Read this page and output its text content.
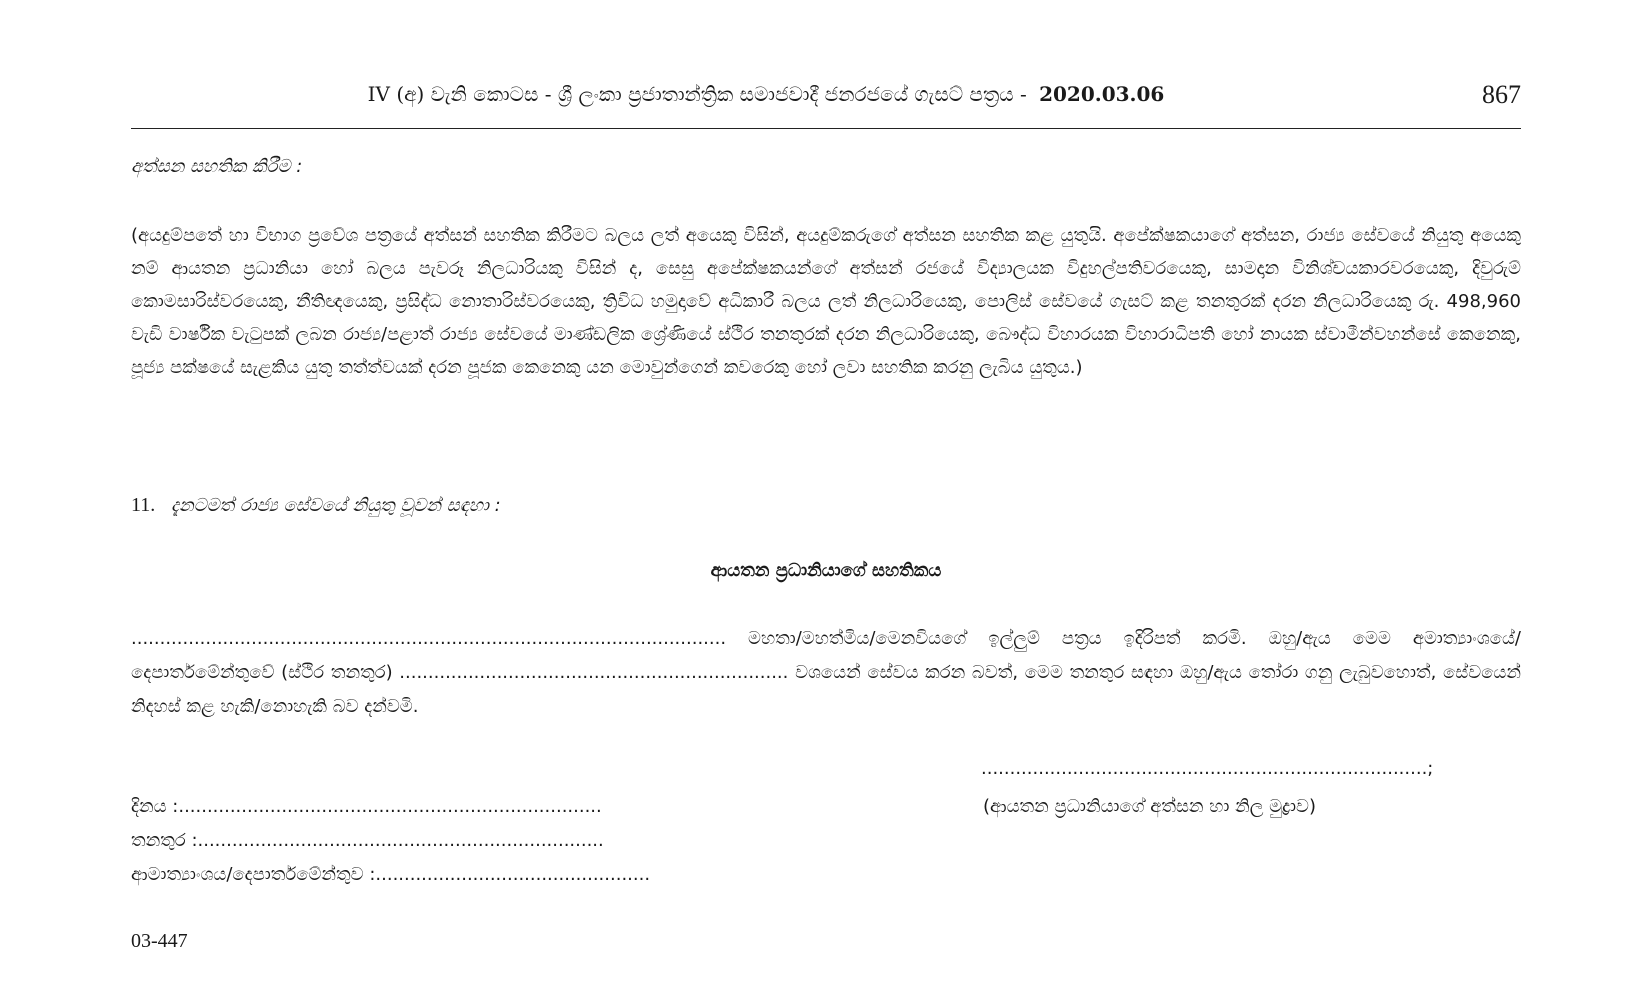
IV (අ) වැනි කොටස - ශ්‍රී ලංකා ප්‍රජාතාන්ත්‍රික සමාජවාදී ජනරජයේ ගැසට් පත්‍රය - 2020.03.06	867
අත්සන සහතික කිරීම :
(අයදුම්පතේ හා විභාග ප්‍රවේශ පත්‍රයේ අත්සන් සහතික කිරීමට බලය ලත් අයෙකු විසින්, අයදුම්කරුගේ අත්සන සහතික කළ යුතුයි. අපේක්ෂකයාගේ අත්සන, රාජ්‍ය සේවයේ නියුතු අයෙකු නම් ආයතන ප්‍රධානියා හෝ බලය පැවරූ නිලධාරියකු විසින් ද, සෙසු අපේක්ෂකයන්ගේ අත්සන් රජයේ විද්‍යාලයක විදුහල්පතිවරයෙකු, සාමදාන විනිශ්චයකාරවරයෙකු, දිවුරුම් කොමසාරිස්වරයෙකු, නීතිඥයෙකු, ප්‍රසිද්ධ නොතාරිස්වරයෙකු, ත්‍රිවිධ හමුදාවේ අධිකාරී බලය ලත් නිලධාරියෙකු, පොලිස් සේවයේ ගැසට් කළ තනතුරක් දරන නිලධාරියෙකු රු. 498,960 වැඩි වාර්ෂික වැටුපක් ලබන රාජ්‍ය/පළාත් රාජ්‍ය සේවයේ මාණ්ඩලික ශ්‍රේණියේ ස්ථිර තනතුරක් දරන නිලධාරියෙකු, බෞද්ධ විහාරයක විහාරාධිපති හෝ නායක ස්වාමීන්වහන්සේ කෙනෙකු, පූජ්‍ය පක්ෂයේ සැළකිය යුතු තත්ත්වයක් දරන පූජක කෙනෙකු යන මොවුන්ගෙන් කවරෙකු හෝ ලවා සහතික කරනු ලැබිය යුතුය.)
11. දැනටමත් රාජ්‍ය සේවයේ නියුතු වූවන් සඳහා :
ආයතන ප්‍රධානියාගේ සහතිකය
........................................................................................................ මහතා/මහත්මිය/මෙනවියගේ ඉල්ලුම් පත්‍රය ඉදිරිපත් කරමි. ඔහු/ඇය මෙම අමාත්‍යාංශයේ/දෙපාර්තමේන්තුවේ (ස්ථිර තනතුර) .................................................................... වශයෙන් සේවය කරන බවත්, මෙම තනතුර සඳහා ඔහු/ඇය තෝරා ගනු ලැබුවහොත්, සේවයෙන් නිදහස් කළ හැකි/නොහැකි බව දන්වමි.
..............................................................................;
(ආයතන ප්‍රධානියාගේ අත්සන හා නිල මුද්‍රාව)
දිනය :..........................................................................
තනතුර :.......................................................................
ආමාත්‍යාංශය/දෙපාර්තමේන්තුව :................................................
03-447
